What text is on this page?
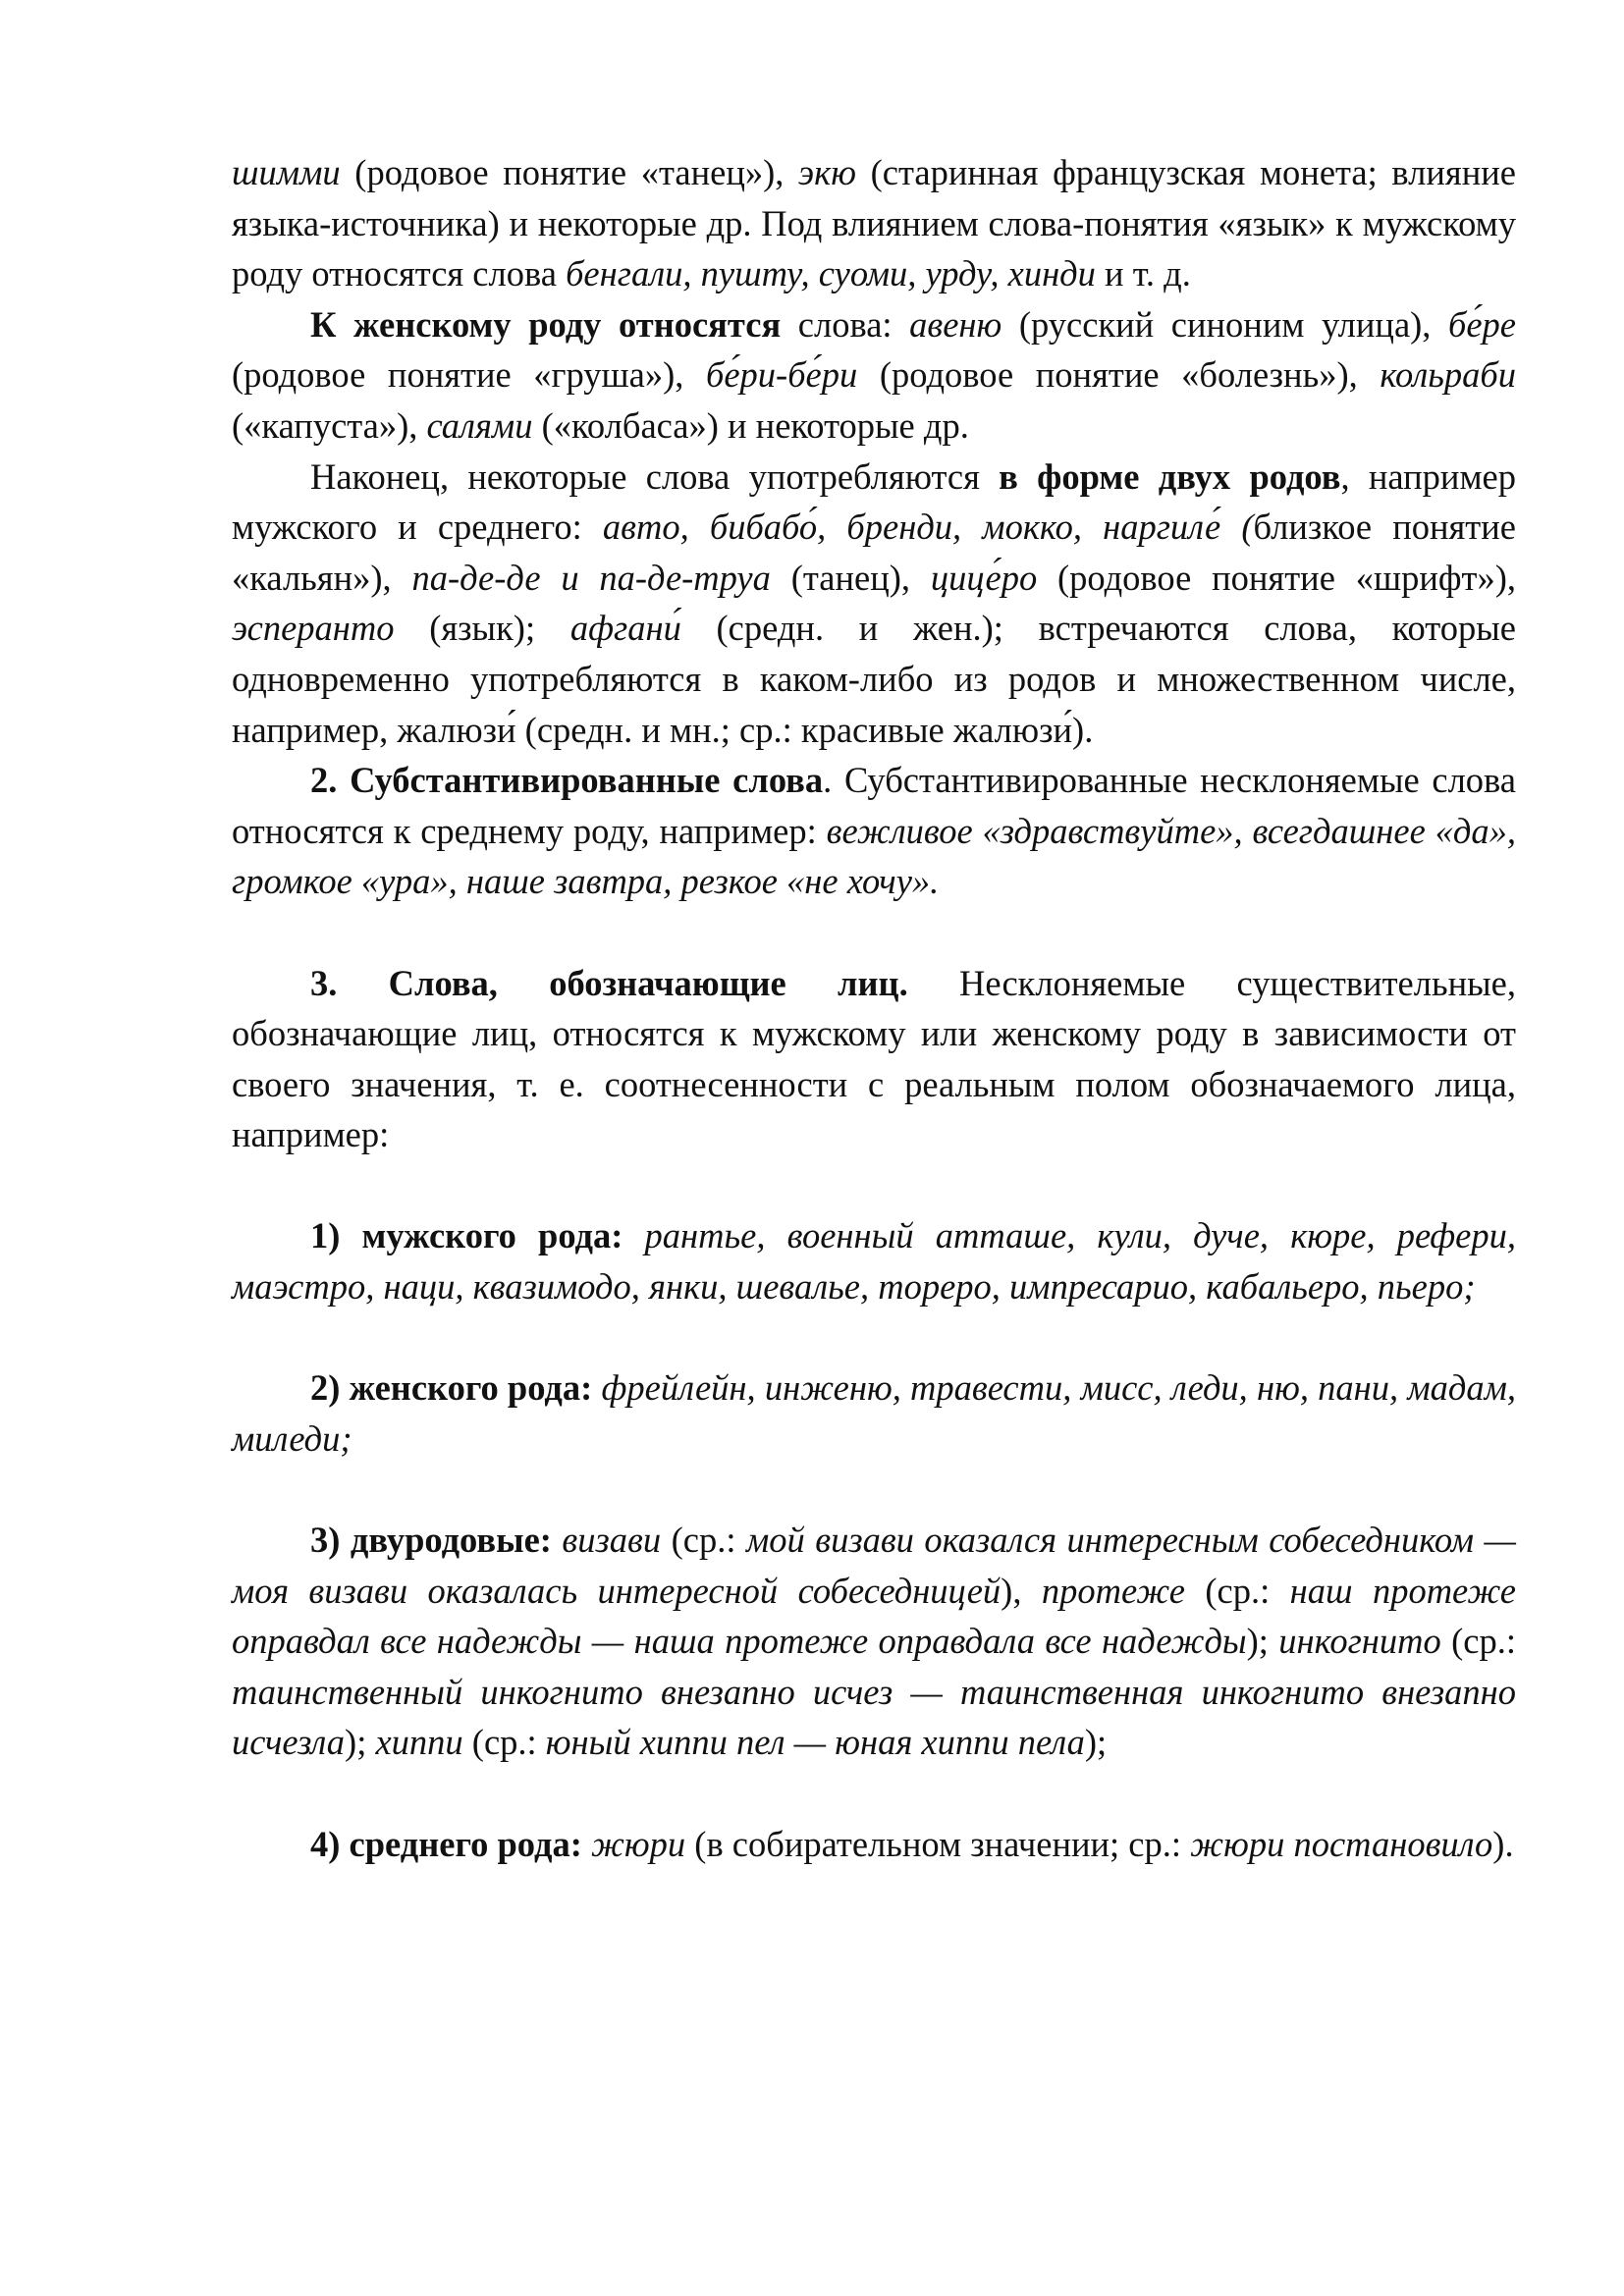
шимми (родовое понятие «танец»), экю (старинная французская монета; влияние языка-источника) и некоторые др. Под влиянием слова-понятия «язык» к мужскому роду относятся слова бенгали, пушту, суоми, урду, хинди и т. д.

К женскому роду относятся слова: авеню (русский синоним улица), бе́ре (родовое понятие «груша»), бе́ри-бе́ри (родовое понятие «болезнь»), кольраби («капуста»), салями («колбаса») и некоторые др.

Наконец, некоторые слова употребляются в форме двух родов, например мужского и среднего: авто, бибабо́, бренди, мокко, наргиле́ (близкое понятие «кальян»), па-де-де и па-де-труа (танец), цице́ро (родовое понятие «шрифт»), эсперанто (язык); афгани́ (средн. и жен.); встречаются слова, которые одновременно употребляются в каком-либо из родов и множественном числе, например, жалюзи́ (средн. и мн.; ср.: красивые жалюзи́).

2. Субстантивированные слова. Субстантивированные несклоняемые слова относятся к среднему роду, например: вежливое «здравствуйте», всегдашнее «да», громкое «ура», наше завтра, резкое «не хочу».

3. Слова, обозначающие лиц. Несклоняемые существительные, обозначающие лиц, относятся к мужскому или женскому роду в зависимости от своего значения, т. е. соотнесенности с реальным полом обозначаемого лица, например:

1) мужского рода: рантье, военный атташе, кули, дуче, кюре, рефери, маэстро, наци, квазимодо, янки, шевалье, тореро, импресарио, кабальеро, пьеро;

2) женского рода: фрейлейн, инженю, травести, мисс, леди, ню, пани, мадам, миледи;

3) двуродовые: визави (ср.: мой визави оказался интересным собеседником — моя визави оказалась интересной собеседницей), протеже (ср.: наш протеже оправдал все надежды — наша протеже оправдала все надежды); инкогнито (ср.: таинственный инкогнито внезапно исчез — таинственная инкогнито внезапно исчезла); хиппи (ср.: юный хиппи пел — юная хиппи пела);

4) среднего рода: жюри (в собирательном значении; ср.: жюри постановило).
